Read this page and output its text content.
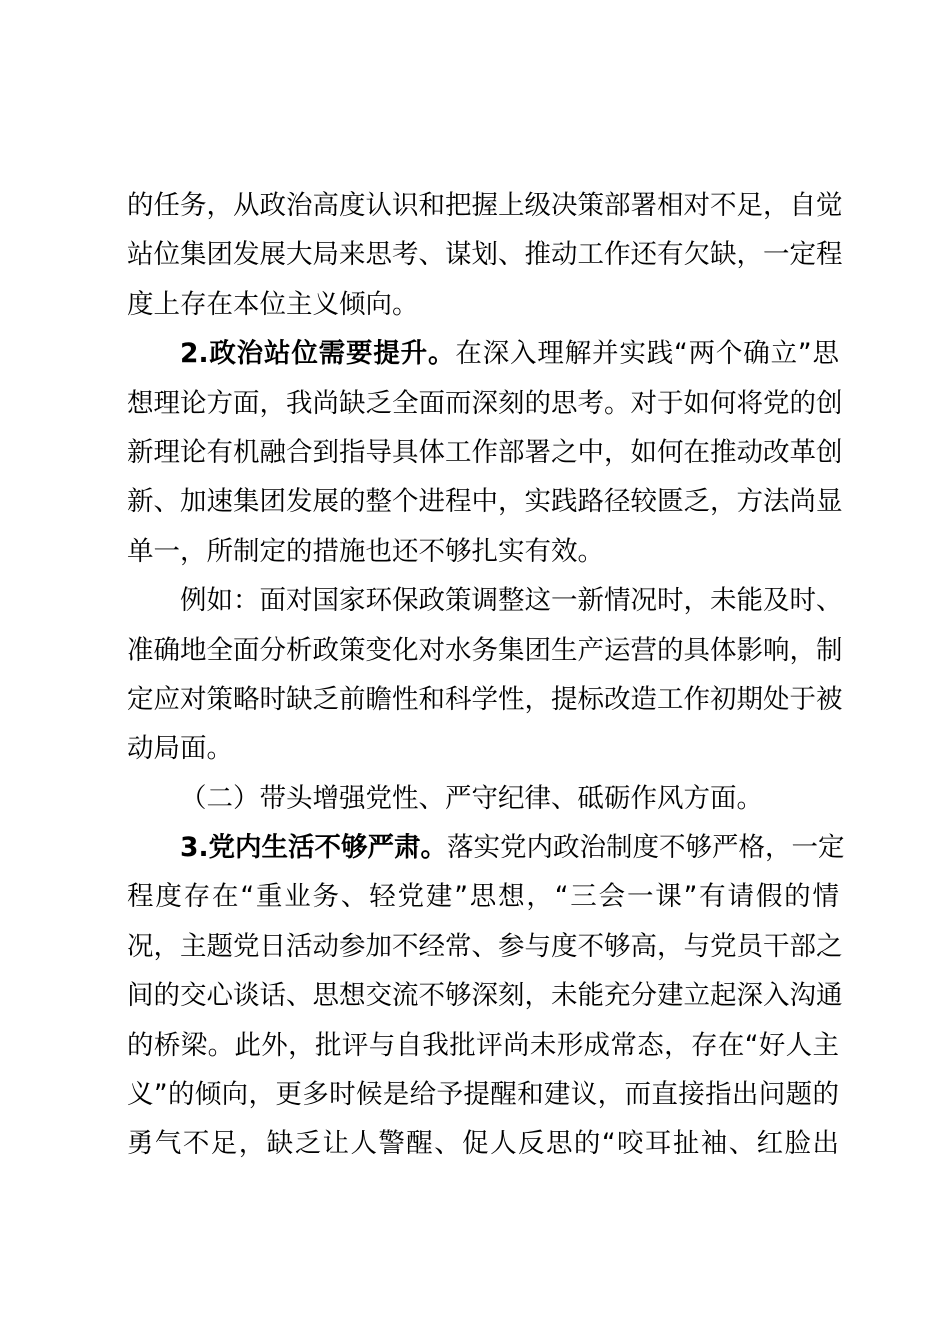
的任务，从政治高度认识和把握上级决策部署相对不足，自觉
站位集团发展大局来思考、谋划、推动工作还有欠缺，一定程
度上存在本位主义倾向。
2.政治站位需要提升。在深入理解并实践“两个确立”思
想理论方面，我尚缺乏全面而深刻的思考。对于如何将党的创
新理论有机融合到指导具体工作部署之中，如何在推动改革创
新、加速集团发展的整个进程中，实践路径较匮乏，方法尚显
单一，所制定的措施也还不够扎实有效。
例如：面对国家环保政策调整这一新情况时，未能及时、
准确地全面分析政策变化对水务集团生产运营的具体影响，制
定应对策略时缺乏前瞻性和科学性，提标改造工作初期处于被
动局面。
（二）带头增强党性、严守纪律、砥砺作风方面。
3.党内生活不够严肃。落实党内政治制度不够严格，一定
程度存在“重业务、轻党建”思想，“三会一课”有请假的情
况，主题党日活动参加不经常、参与度不够高，与党员干部之
间的交心谈话、思想交流不够深刻，未能充分建立起深入沟通
的桥梁。此外，批评与自我批评尚未形成常态，存在“好人主
义”的倾向，更多时候是给予提醒和建议，而直接指出问题的
勇气不足，缺乏让人警醒、促人反思的“咬耳扯袖、红脸出
